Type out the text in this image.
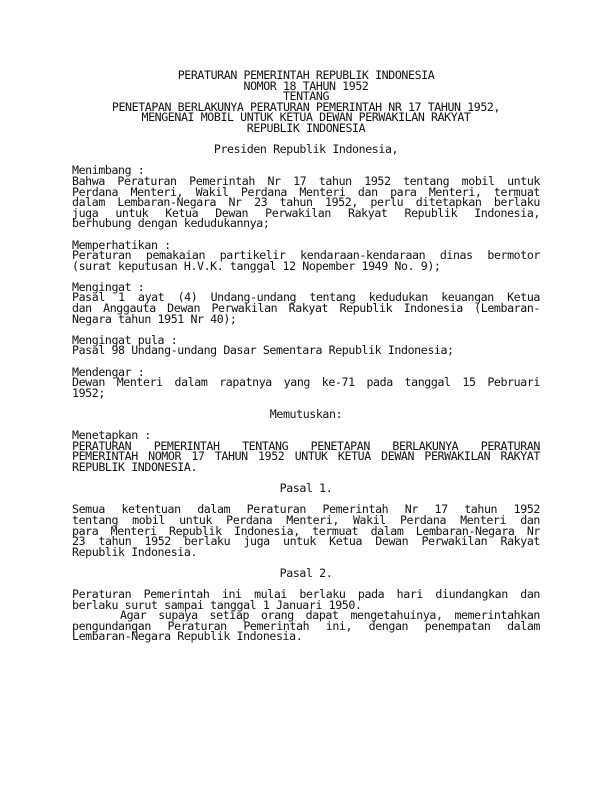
PERATURAN PEMERINTAH REPUBLIK INDONESIA
NOMOR 18 TAHUN 1952
TENTANG
PENETAPAN BERLAKUNYA PERATURAN PEMERINTAH NR 17 TAHUN 1952,
MENGENAI MOBIL UNTUK KETUA DEWAN PERWAKILAN RAKYAT
REPUBLIK INDONESIA
Presiden Republik Indonesia,
Menimbang :
Bahwa Peraturan Pemerintah Nr 17 tahun 1952 tentang mobil untuk
Perdana Menteri, Wakil Perdana Menteri dan para Menteri, termuat
dalam Lembaran-Negara Nr 23 tahun 1952, perlu ditetapkan berlaku
juga untuk Ketua Dewan Perwakilan Rakyat Republik Indonesia,
berhubung dengan kedudukannya;
Memperhatikan :
Peraturan pemakaian partikelir kendaraan-kendaraan dinas bermotor
(surat keputusan H.V.K. tanggal 12 Nopember 1949 No. 9);
Mengingat :
Pasal 1 ayat (4) Undang-undang tentang kedudukan keuangan Ketua
dan Anggauta Dewan Perwakilan Rakyat Republik Indonesia (Lembaran-
Negara tahun 1951 Nr 40);
Mengingat pula :
Pasal 98 Undang-undang Dasar Sementara Republik Indonesia;
Mendengar :
Dewan Menteri dalam rapatnya yang ke-71 pada tanggal 15 Pebruari
1952;
Memutuskan:
Menetapkan :
PERATURAN PEMERINTAH TENTANG PENETAPAN BERLAKUNYA PERATURAN
PEMERINTAH NOMOR 17 TAHUN 1952 UNTUK KETUA DEWAN PERWAKILAN RAKYAT
REPUBLIK INDONESIA.
Pasal 1.
Semua ketentuan dalam Peraturan Pemerintah Nr 17 tahun 1952
tentang mobil untuk Perdana Menteri, Wakil Perdana Menteri dan
para Menteri Republik Indonesia, termuat dalam Lembaran-Negara Nr
23 tahun 1952 berlaku juga untuk Ketua Dewan Perwakilan Rakyat
Republik Indonesia.
Pasal 2.
Peraturan Pemerintah ini mulai berlaku pada hari diundangkan dan
berlaku surut sampai tanggal 1 Januari 1950.
Agar supaya setiap orang dapat mengetahuinya, memerintahkan
pengundangan Peraturan Pemerintah ini, dengan penempatan dalam
Lembaran-Negara Republik Indonesia.
